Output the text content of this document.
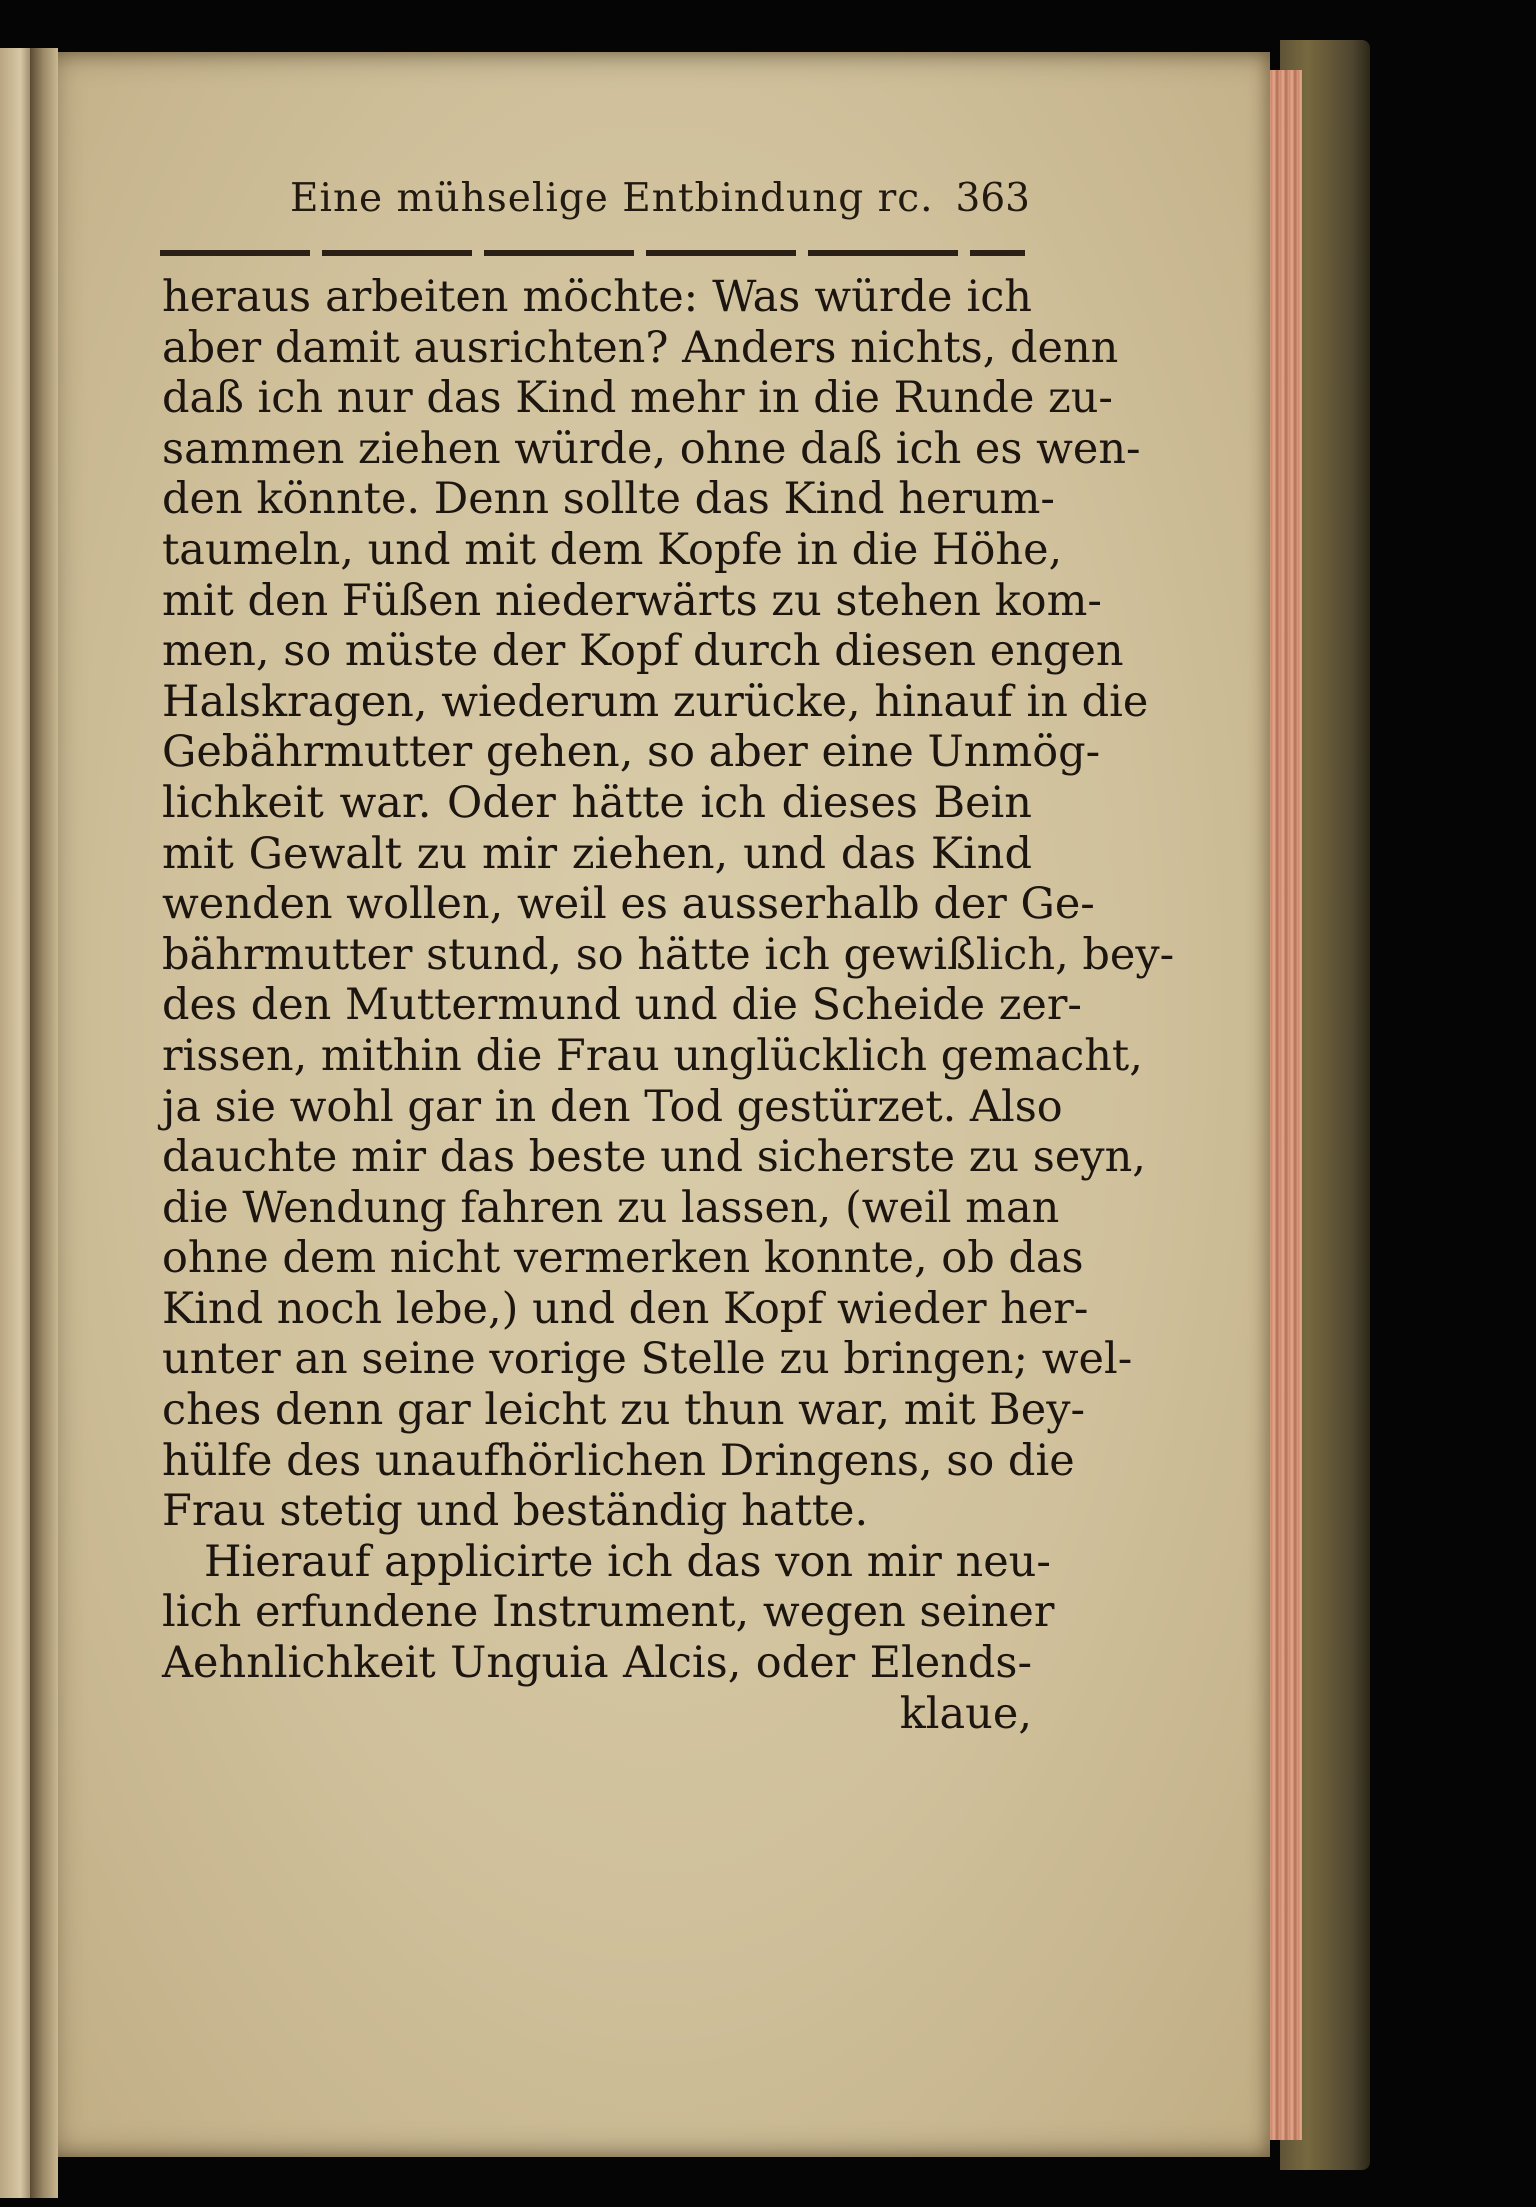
Eine mühselige Entbindung rc. 363
heraus arbeiten möchte: Was würde ich
aber damit ausrichten? Anders nichts, denn
daß ich nur das Kind mehr in die Runde zu-
sammen ziehen würde, ohne daß ich es wen-
den könnte. Denn sollte das Kind herum-
taumeln, und mit dem Kopfe in die Höhe,
mit den Füßen niederwärts zu stehen kom-
men, so müste der Kopf durch diesen engen
Halskragen, wiederum zurücke, hinauf in die
Gebährmutter gehen, so aber eine Unmög-
lichkeit war. Oder hätte ich dieses Bein
mit Gewalt zu mir ziehen, und das Kind
wenden wollen, weil es ausserhalb der Ge-
bährmutter stund, so hätte ich gewißlich, bey-
des den Muttermund und die Scheide zer-
rissen, mithin die Frau unglücklich gemacht,
ja sie wohl gar in den Tod gestürzet. Also
dauchte mir das beste und sicherste zu seyn,
die Wendung fahren zu lassen, (weil man
ohne dem nicht vermerken konnte, ob das
Kind noch lebe,) und den Kopf wieder her-
unter an seine vorige Stelle zu bringen; wel-
ches denn gar leicht zu thun war, mit Bey-
hülfe des unaufhörlichen Dringens, so die
Frau stetig und beständig hatte.
Hierauf applicirte ich das von mir neu-
lich erfundene Instrument, wegen seiner
Aehnlichkeit Unguia Alcis, oder Elends-
klaue,
